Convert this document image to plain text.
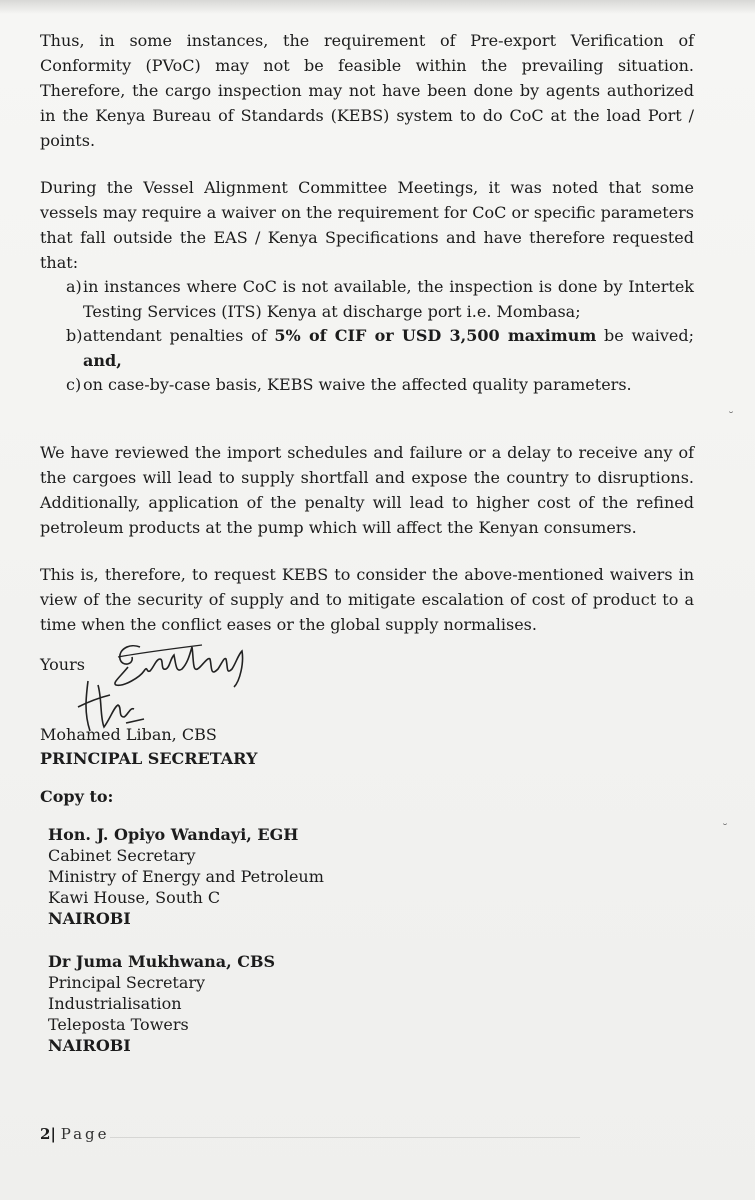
Thus, in some instances, the requirement of Pre-export Verification of Conformity (PVoC) may not be feasible within the prevailing situation. Therefore, the cargo inspection may not have been done by agents authorized in the Kenya Bureau of Standards (KEBS) system to do CoC at the load Port / points.

During the Vessel Alignment Committee Meetings, it was noted that some vessels may require a waiver on the requirement for CoC or specific parameters that fall outside the EAS / Kenya Specifications and have therefore requested that:

a) in instances where CoC is not available, the inspection is done by Intertek Testing Services (ITS) Kenya at discharge port i.e. Mombasa;
b) attendant penalties of 5% of CIF or USD 3,500 maximum be waived; and,
c) on case-by-case basis, KEBS waive the affected quality parameters.

We have reviewed the import schedules and failure or a delay to receive any of the cargoes will lead to supply shortfall and expose the country to disruptions. Additionally, application of the penalty will lead to higher cost of the refined petroleum products at the pump which will affect the Kenyan consumers.

This is, therefore, to request KEBS to consider the above-mentioned waivers in view of the security of supply and to mitigate escalation of cost of product to a time when the conflict eases or the global supply normalises.

Yours
Mohamed Liban, CBS
PRINCIPAL SECRETARY
Copy to:
Hon. J. Opiyo Wandayi, EGH
Cabinet Secretary
Ministry of Energy and Petroleum
Kawi House, South C
NAIROBI
Dr Juma Mukhwana, CBS
Principal Secretary
Industrialisation
Teleposta Towers
NAIROBI
˘
˘
2| Page
